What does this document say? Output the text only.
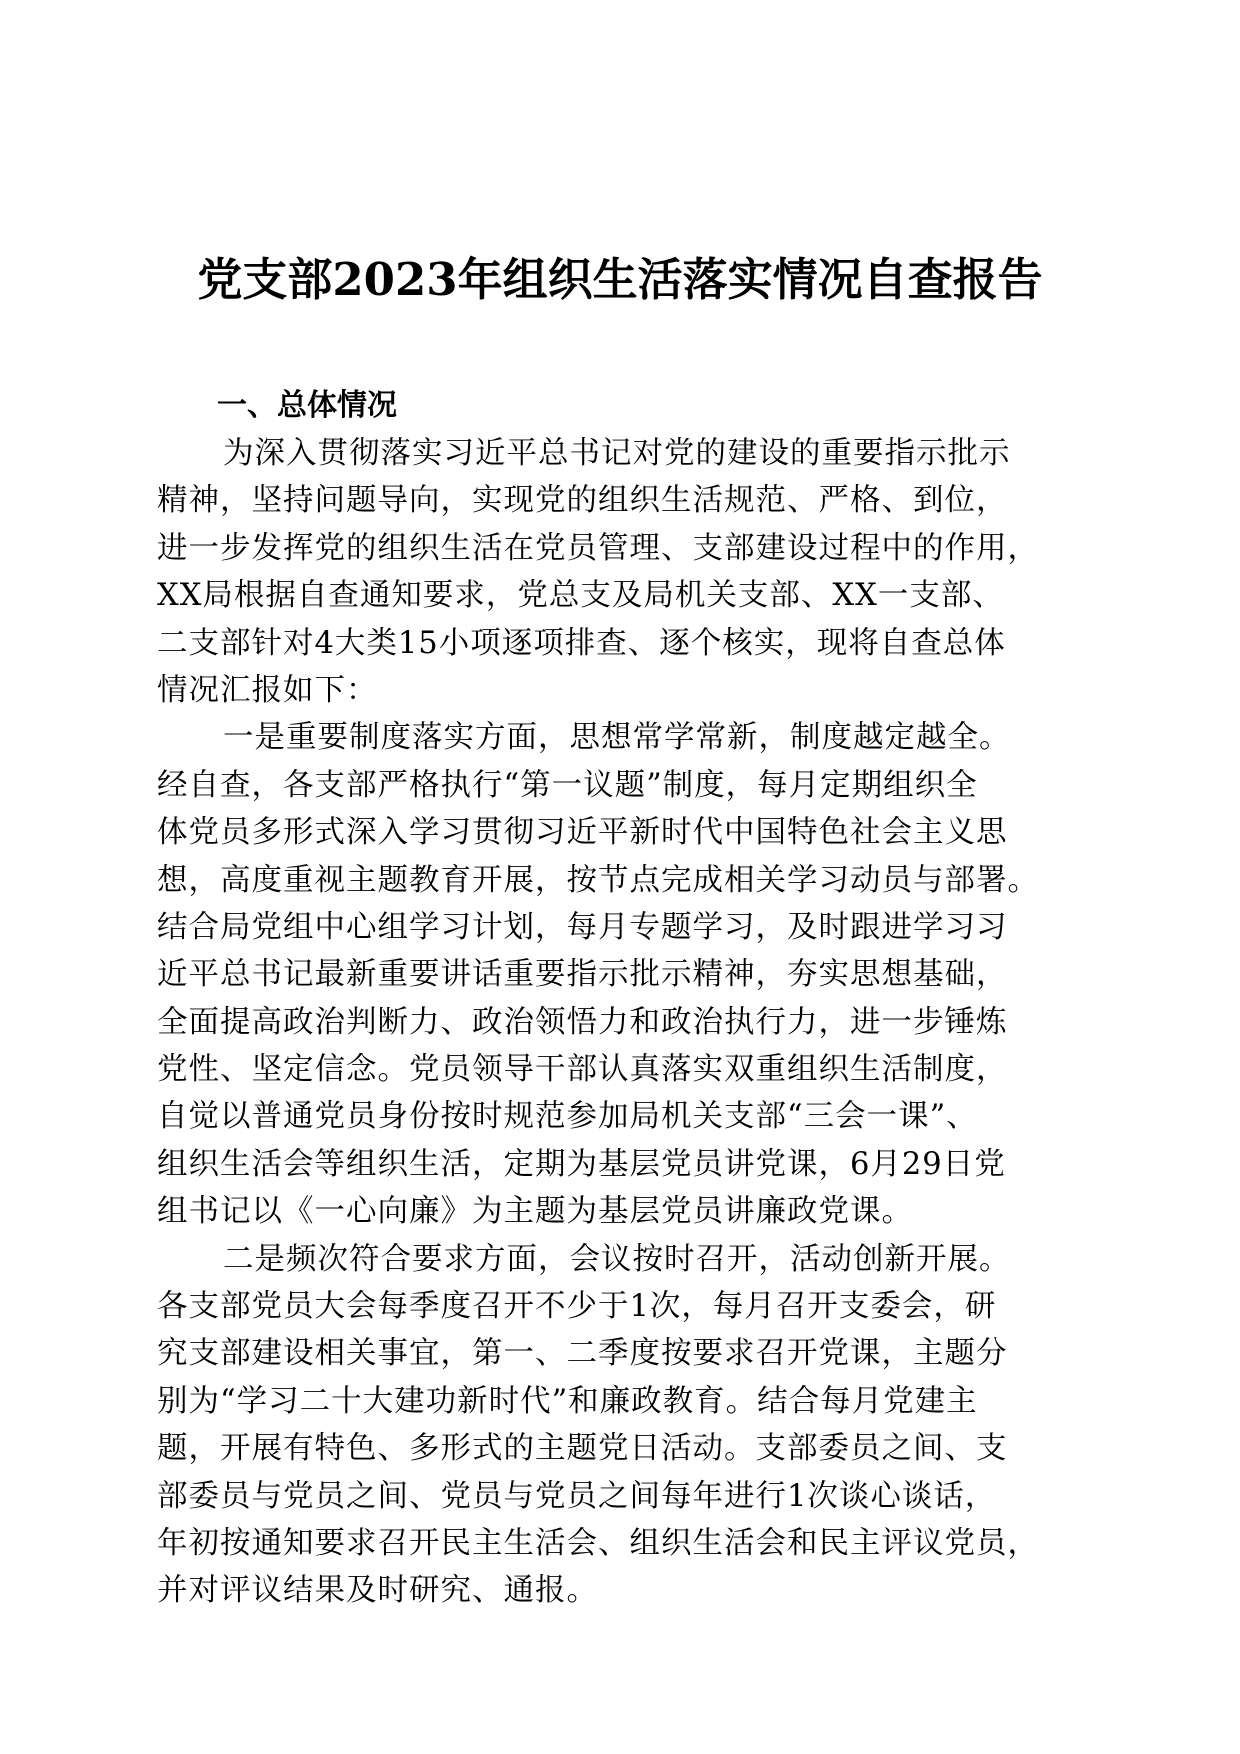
党支部2023年组织生活落实情况自查报告
一、总体情况

为深入贯彻落实习近平总书记对党的建设的重要指示批示
精神，坚持问题导向，实现党的组织生活规范、严格、到位，
进一步发挥党的组织生活在党员管理、支部建设过程中的作用，
XX局根据自查通知要求，党总支及局机关支部、XX一支部、
二支部针对4大类15小项逐项排查、逐个核实，现将自查总体
情况汇报如下：

一是重要制度落实方面，思想常学常新，制度越定越全。
经自查，各支部严格执行“第一议题”制度，每月定期组织全
体党员多形式深入学习贯彻习近平新时代中国特色社会主义思
想，高度重视主题教育开展，按节点完成相关学习动员与部署。
结合局党组中心组学习计划，每月专题学习，及时跟进学习习
近平总书记最新重要讲话重要指示批示精神，夯实思想基础，
全面提高政治判断力、政治领悟力和政治执行力，进一步锤炼
党性、坚定信念。党员领导干部认真落实双重组织生活制度，
自觉以普通党员身份按时规范参加局机关支部“三会一课”、
组织生活会等组织生活，定期为基层党员讲党课，6月29日党
组书记以《一心向廉》为主题为基层党员讲廉政党课。

二是频次符合要求方面，会议按时召开，活动创新开展。
各支部党员大会每季度召开不少于1次，每月召开支委会，研
究支部建设相关事宜，第一、二季度按要求召开党课，主题分
别为“学习二十大建功新时代”和廉政教育。结合每月党建主
题，开展有特色、多形式的主题党日活动。支部委员之间、支
部委员与党员之间、党员与党员之间每年进行1次谈心谈话，
年初按通知要求召开民主生活会、组织生活会和民主评议党员，
并对评议结果及时研究、通报。
